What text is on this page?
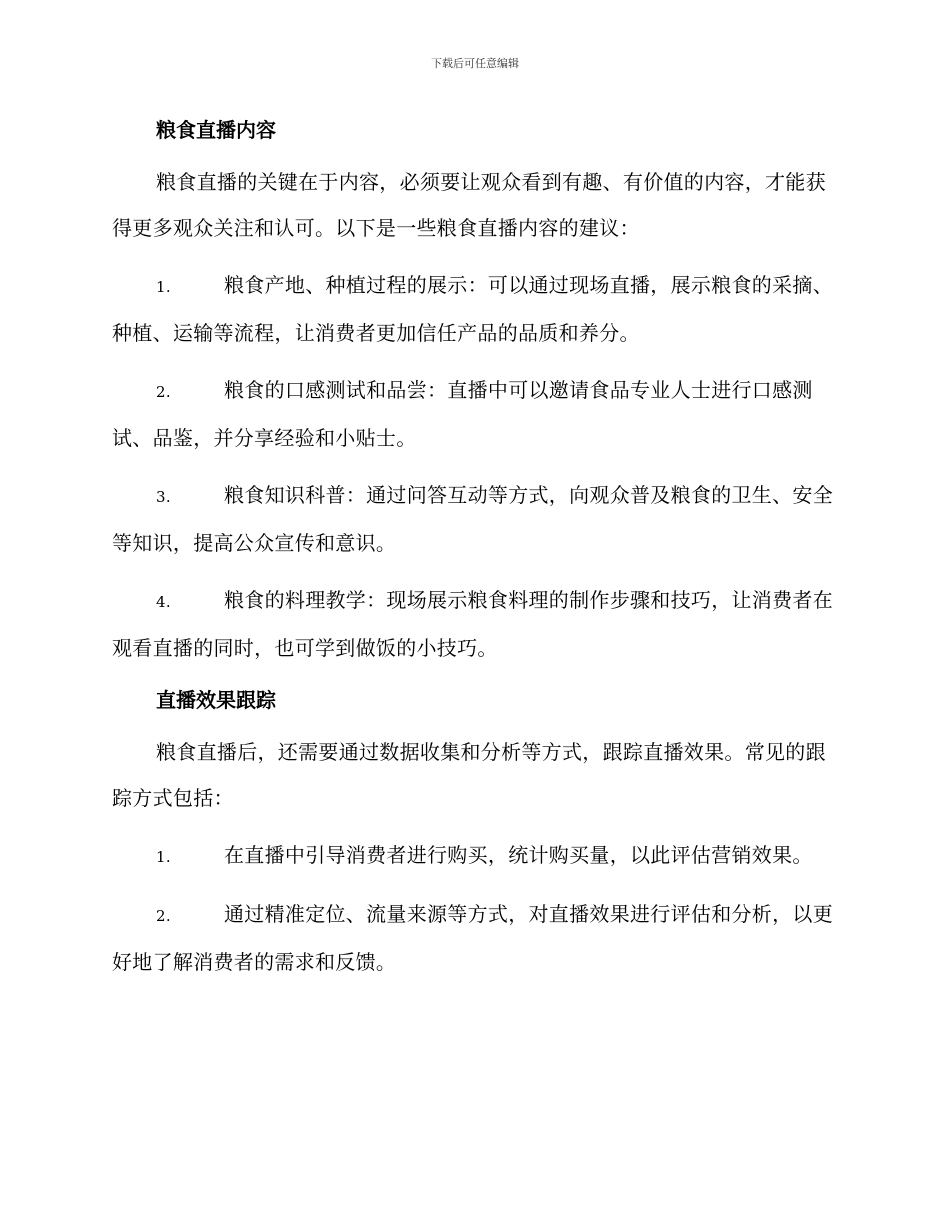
下载后可任意编辑
粮食直播内容

粮食直播的关键在于内容，必须要让观众看到有趣、有价值的内容，才能获得更多观众关注和认可。以下是一些粮食直播内容的建议：

1.	粮食产地、种植过程的展示：可以通过现场直播，展示粮食的采摘、种植、运输等流程，让消费者更加信任产品的品质和养分。

2.	粮食的口感测试和品尝：直播中可以邀请食品专业人士进行口感测试、品鉴，并分享经验和小贴士。

3.	粮食知识科普：通过问答互动等方式，向观众普及粮食的卫生、安全等知识，提高公众宣传和意识。

4.	粮食的料理教学：现场展示粮食料理的制作步骤和技巧，让消费者在观看直播的同时，也可学到做饭的小技巧。

直播效果跟踪

粮食直播后，还需要通过数据收集和分析等方式，跟踪直播效果。常见的跟踪方式包括：

1.	在直播中引导消费者进行购买，统计购买量，以此评估营销效果。

2.	通过精准定位、流量来源等方式，对直播效果进行评估和分析，以更好地了解消费者的需求和反馈。
